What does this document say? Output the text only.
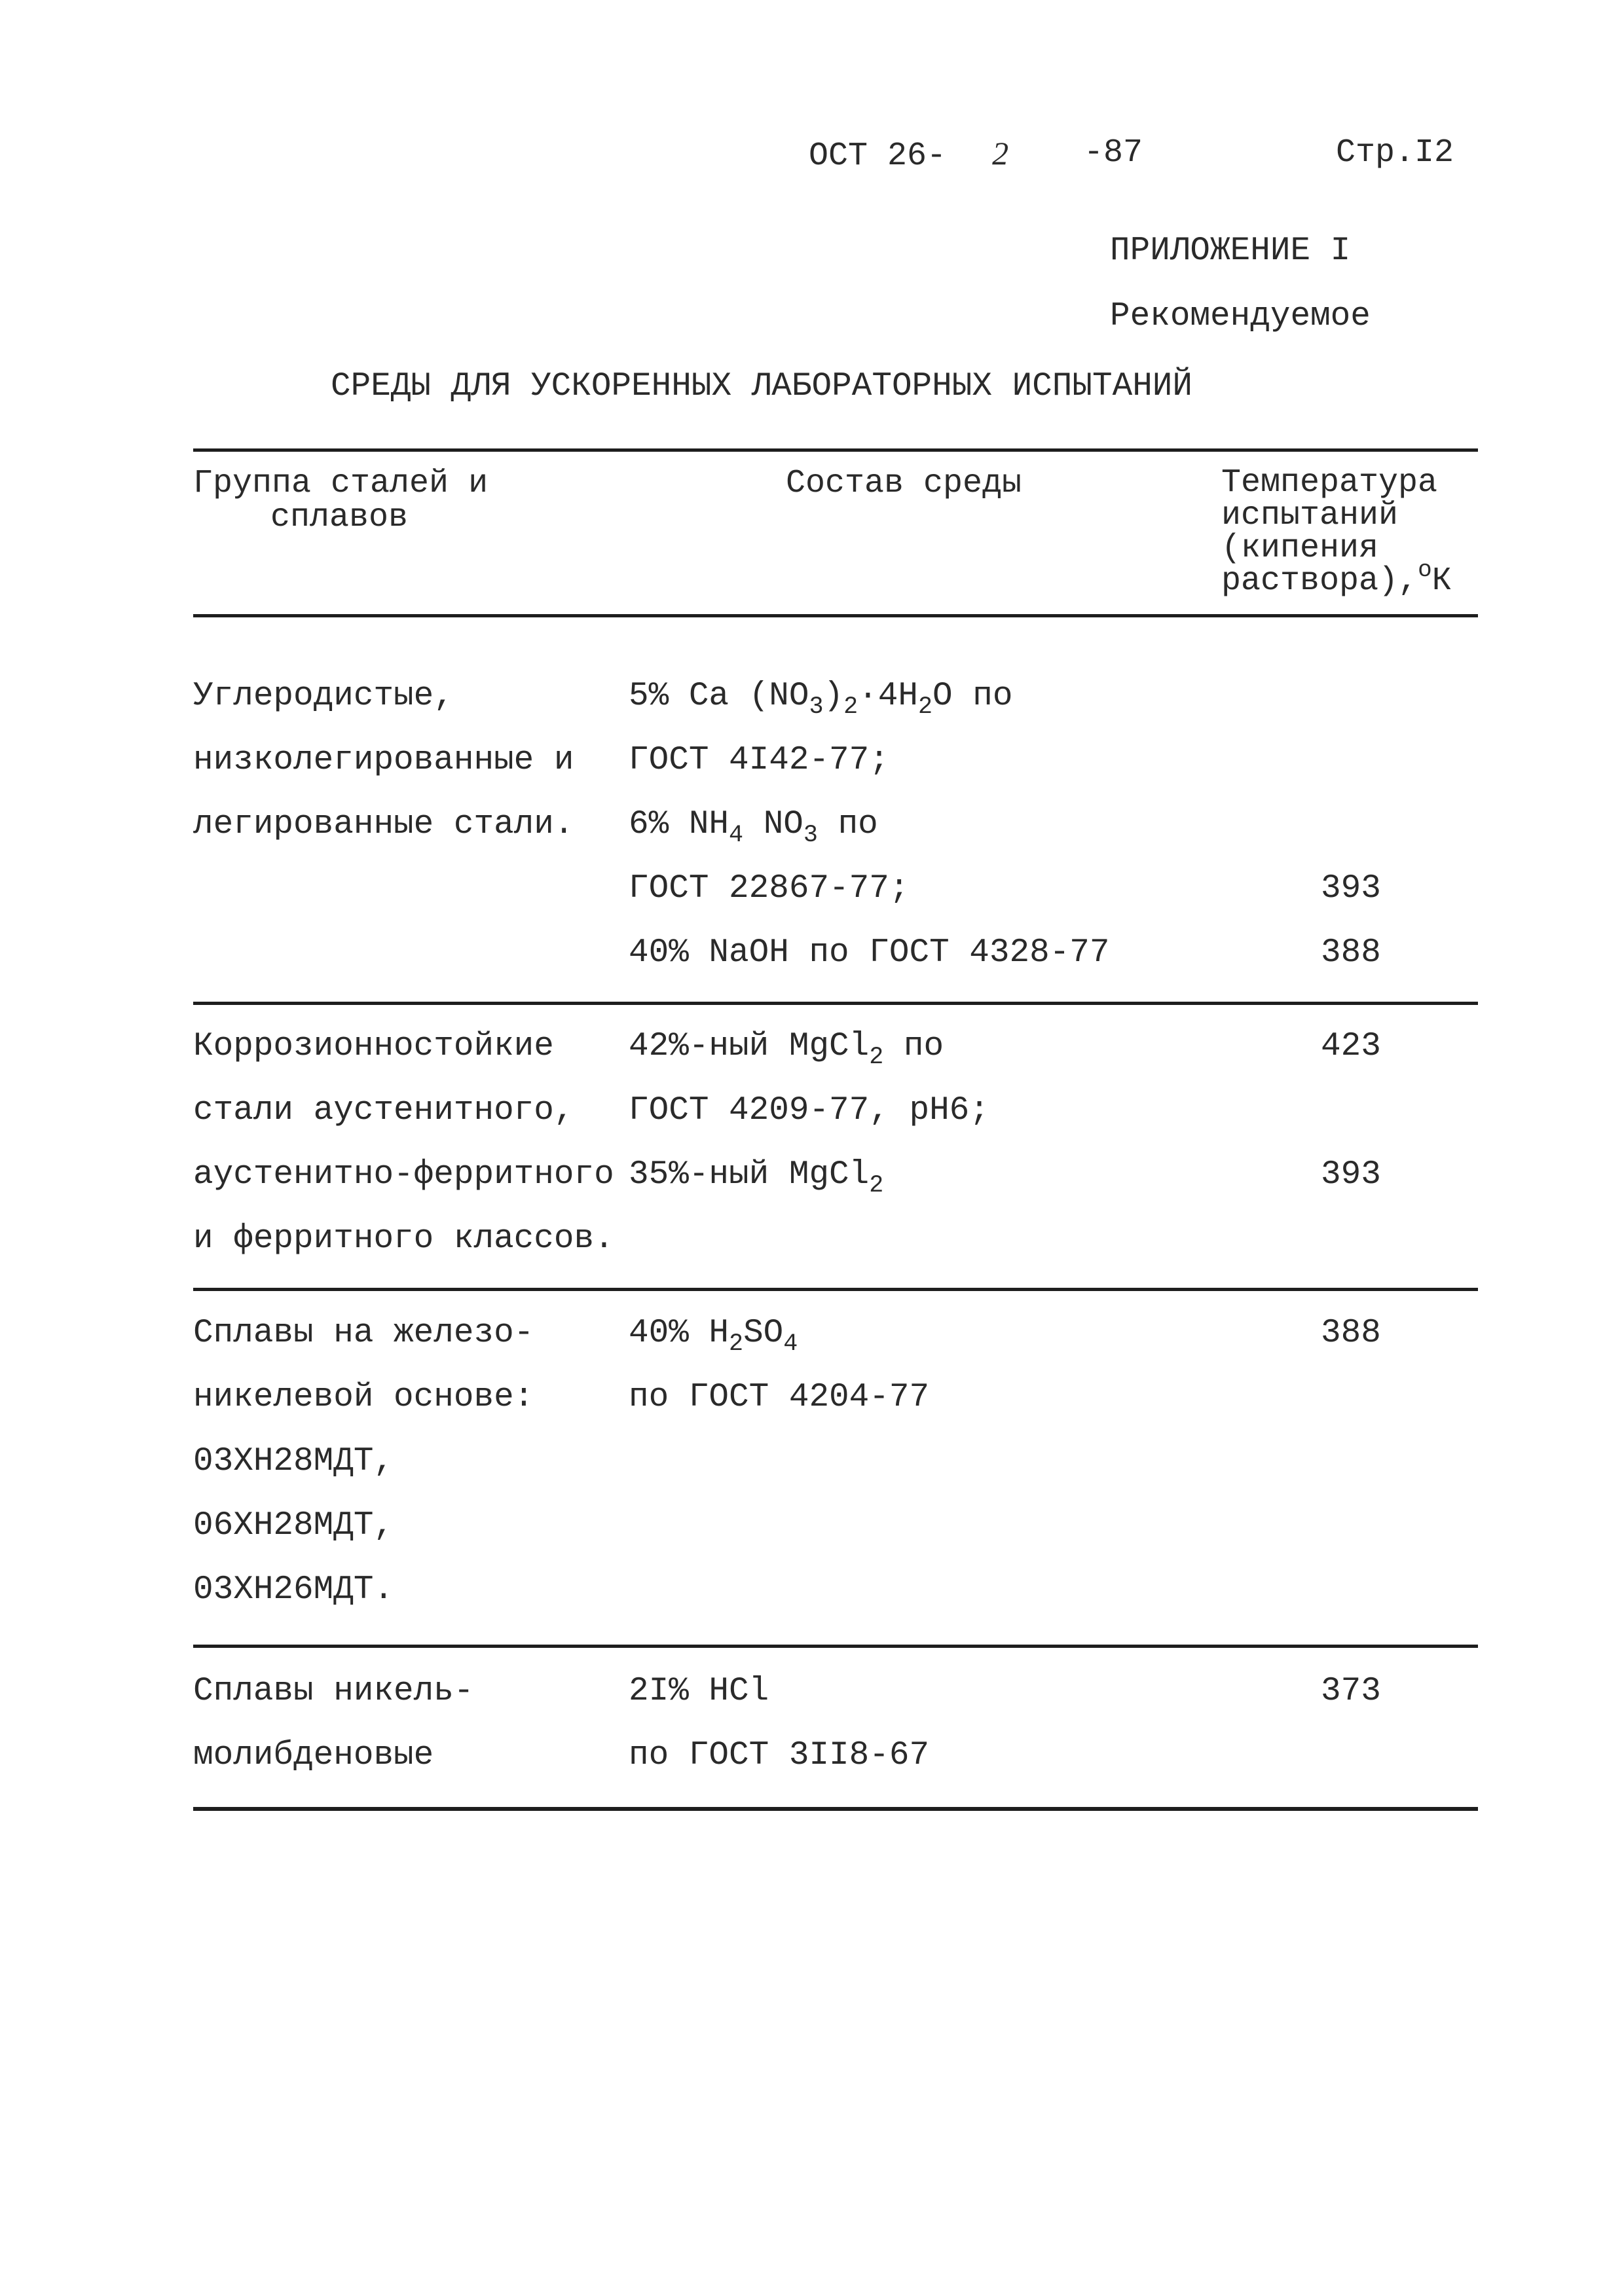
ОСТ 26- 2 -87	Стр.I2
ПРИЛОЖЕНИЕ I
Рекомендуемое
СРЕДЫ ДЛЯ УСКОРЕННЫХ ЛАБОРАТОРНЫХ ИСПЫТАНИЙ
Группа сталей и
сплавов
Состав среды	Температура
испытаний
(кипения
раствора),$^о$К
Углеродистые,
низколегированные и
легированные стали.
5% Ca $(NO_3)_2\cdot 4H_2O$ по
ГОСТ 4I42-77;
6% $NH_4$ $NO_3$ по
ГОСТ 22867-77;
40% NaOH по ГОСТ 4328-77
393
388
Коррозионностойкие
стали аустенитного,
аустенитно-ферритного
и ферритного классов.
42%-ный MgCl$_2$ по
ГОСТ 4209-77, pH6;
35%-ный MgCl$_2$
423
393
Сплавы на железо-
никелевой основе:
03ХН28МДТ,
06ХН28МДТ,
03ХН26МДТ.
40% $H_2SO_4$
по ГОСТ 4204-77
388
Сплавы никель-
молибденовые
2I% HCl
по ГОСТ 3II8-67
373
